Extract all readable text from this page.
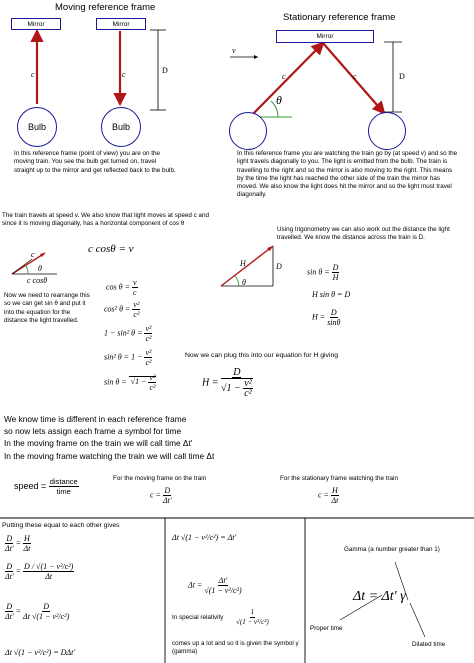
Moving reference frame
Stationary reference frame
Mirror	Mirror
Mirror
Bulb	Bulb
c	c	D
v
c	c
θ
D
In this reference frame (point of view) you are on the moving train. You see the bulb get turned on, travel straight up to the mirror and get reflected back to the bulb.
In this reference frame you are watching the train go by (at speed v) and so the light travels diagonally to you. The light is emitted from the bulb. The train is travelling to the right and so the mirror is also moving to the right. This means by the time the light has reached the other side of the train the mirror has moved. We also know the light does hit the mirror and so the light must travel diagonally.
The train travels at speed v. We also know that light moves at speed c and since it is moving diagonally, has a horizontal component of cos θ
c cosθ = v
c
θ
c cosθ
Using trigonometry we can also work out the distance the light travelled. We know the distance across the train is D.
H	D
θ
Now we need to rearrange this so we can get sin θ and put it into the equation for the distance the light travelled.
$\cos \theta = \frac{v}{c}$
cos² $\theta = \frac{\text{v²}}{\text{c²}}$
1 − sin² $\theta = \frac{\text{v²}}{\text{c²}}$
sin² $\theta = 1 - \frac{\text{v²}}{\text{c²}}$
$\sin \theta = √1 - \frac{\text{v²}}{\text{c²}}$
$\sin \theta = \frac{D}{H}$
H sin θ = D
$H = \frac{D}{\sin\theta}$
Now we can plug this into our equation for H giving
$H = \frac{D}{√1 - \frac{\text{v²}}{\text{c²}}}$
We know time is different in each reference frame
so now lets assign each frame a symbol for time
In the moving frame on the train we will call time Δt'
In the moving frame watching the train we will call time Δt
speed = $\frac{\text{distance}}{\text{time}}$	For the moving frame on the train	For the stationary frame watching the train
$c = \frac{D}{\Delta t'}$	$c = \frac{H}{\Delta t}$
Putting these equal to each other gives
$\frac{D}{\Delta t'} = \frac{H}{\Delta t}$
$\frac{D}{\Delta t'} = \frac{\text{D / √(1 − v²/c²)}}{\Delta t}$
$\frac{D}{\Delta t'} = \frac{D}{\text{Δt √(1 − v²/c²)}}$
Δt √(1 − v²/c²) = DΔt'
Δt √(1 − v²/c²) = Δt'
$\Delta t = \frac{\Delta t'}{\text{√(1 − v²/c²)}}$
In special relativity	$\frac{1}{\text{√(1 − v²/c²)}}$
comes up a lot and so it is given the symbol γ (gamma)
Gamma (a number greater than 1)
Δt = Δt' γ
Proper time
Dilated time
